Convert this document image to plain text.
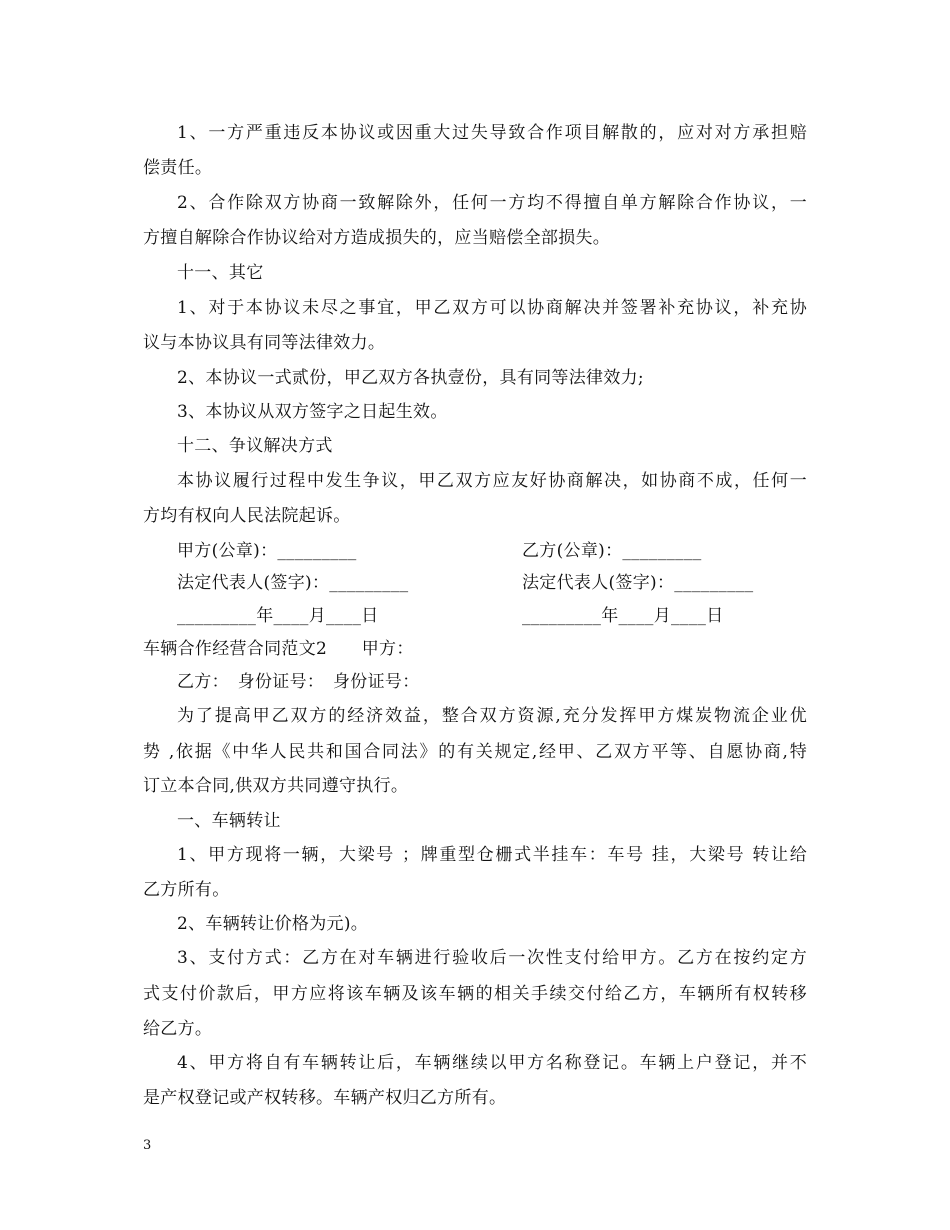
1、一方严重违反本协议或因重大过失导致合作项目解散的，应对对方承担赔
偿责任。
2、合作除双方协商一致解除外，任何一方均不得擅自单方解除合作协议，一
方擅自解除合作协议给对方造成损失的，应当赔偿全部损失。
十一、其它
1、对于本协议未尽之事宜，甲乙双方可以协商解决并签署补充协议，补充协
议与本协议具有同等法律效力。
2、本协议一式贰份，甲乙双方各执壹份，具有同等法律效力;
3、本协议从双方签字之日起生效。
十二、争议解决方式
本协议履行过程中发生争议，甲乙双方应友好协商解决，如协商不成，任何一
方均有权向人民法院起诉。
甲方(公章)：_________	乙方(公章)：_________
法定代表人(签字)：_________	法定代表人(签字)：_________
_________年____月____日	_________年____月____日
车辆合作经营合同范文2　　甲方：
乙方：　身份证号：　身份证号：
为了提高甲乙双方的经济效益，整合双方资源,充分发挥甲方煤炭物流企业优
势 ,依据《中华人民共和国合同法》的有关规定,经甲、乙双方平等、自愿协商,特
订立本合同,供双方共同遵守执行。
一、车辆转让
1、甲方现将一辆，大梁号 ；牌重型仓栅式半挂车：车号 挂，大梁号 转让给
乙方所有。
2、车辆转让价格为元)。
3、支付方式：乙方在对车辆进行验收后一次性支付给甲方。乙方在按约定方
式支付价款后，甲方应将该车辆及该车辆的相关手续交付给乙方，车辆所有权转移
给乙方。
4、甲方将自有车辆转让后，车辆继续以甲方名称登记。车辆上户登记，并不
是产权登记或产权转移。车辆产权归乙方所有。
3
